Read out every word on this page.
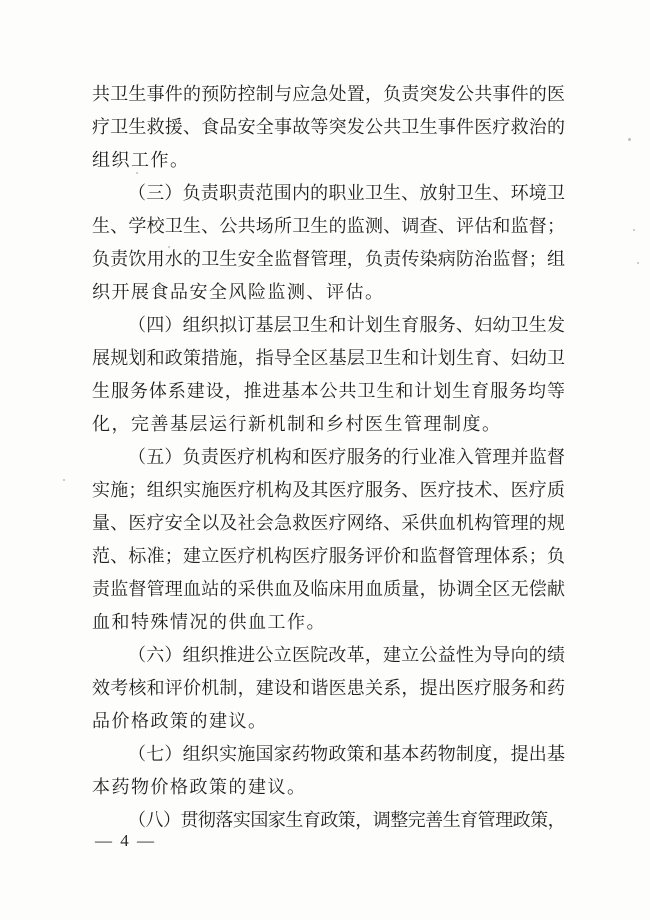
共卫生事件的预防控制与应急处置，负责突发公共事件的医
疗卫生救援、食品安全事故等突发公共卫生事件医疗救治的
组织工作。
（三）负责职责范围内的职业卫生、放射卫生、环境卫
生、学校卫生、公共场所卫生的监测、调查、评估和监督；
负责饮用水的卫生安全监督管理，负责传染病防治监督；组
织开展食品安全风险监测、评估。
（四）组织拟订基层卫生和计划生育服务、妇幼卫生发
展规划和政策措施，指导全区基层卫生和计划生育、妇幼卫
生服务体系建设，推进基本公共卫生和计划生育服务均等
化，完善基层运行新机制和乡村医生管理制度。
（五）负责医疗机构和医疗服务的行业准入管理并监督
实施；组织实施医疗机构及其医疗服务、医疗技术、医疗质
量、医疗安全以及社会急救医疗网络、采供血机构管理的规
范、标准；建立医疗机构医疗服务评价和监督管理体系；负
责监督管理血站的采供血及临床用血质量，协调全区无偿献
血和特殊情况的供血工作。
（六）组织推进公立医院改革，建立公益性为导向的绩
效考核和评价机制，建设和谐医患关系，提出医疗服务和药
品价格政策的建议。
（七）组织实施国家药物政策和基本药物制度，提出基
本药物价格政策的建议。
（八）贯彻落实国家生育政策，调整完善生育管理政策，
— 4 —
